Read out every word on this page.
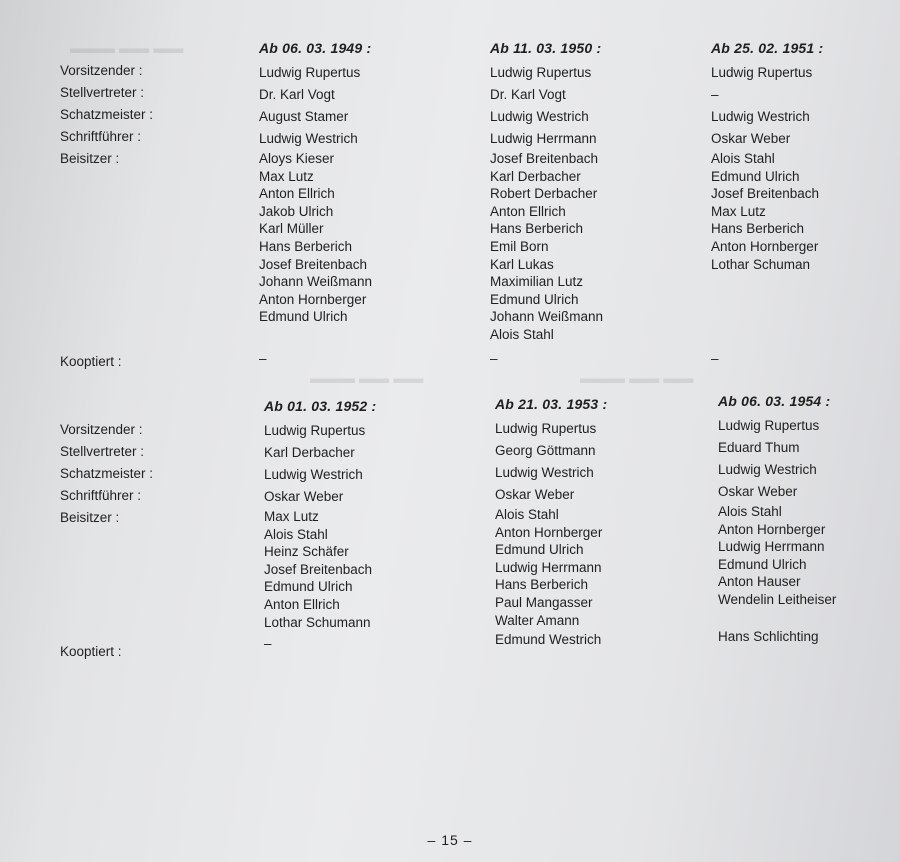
▬▬ ▬▬ ▬▬▬
▬▬ ▬▬ ▬▬▬	▬▬ ▬▬ ▬▬▬
Vorsitzender :
Stellvertreter :
Schatzmeister :
Schriftführer :
Beisitzer :
Kooptiert :
Vorsitzender :
Stellvertreter :
Schatzmeister :
Schriftführer :
Beisitzer :
Kooptiert :
Ab 06. 03. 1949 :
Ludwig Rupertus
Dr. Karl Vogt
August Stamer
Ludwig Westrich
Aloys Kieser
Max Lutz
Anton Ellrich
Jakob Ulrich
Karl Müller
Hans Berberich
Josef Breitenbach
Johann Weißmann
Anton Hornberger
Edmund Ulrich
–
Ab 11. 03. 1950 :
Ludwig Rupertus
Dr. Karl Vogt
Ludwig Westrich
Ludwig Herrmann
Josef Breitenbach
Karl Derbacher
Robert Derbacher
Anton Ellrich
Hans Berberich
Emil Born
Karl Lukas
Maximilian Lutz
Edmund Ulrich
Johann Weißmann
Alois Stahl
–
Ab 25. 02. 1951 :
Ludwig Rupertus
–
Ludwig Westrich
Oskar Weber
Alois Stahl
Edmund Ulrich
Josef Breitenbach
Max Lutz
Hans Berberich
Anton Hornberger
Lothar Schuman
–
Ab 01. 03. 1952 :
Ludwig Rupertus
Karl Derbacher
Ludwig Westrich
Oskar Weber
Max Lutz
Alois Stahl
Heinz Schäfer
Josef Breitenbach
Edmund Ulrich
Anton Ellrich
Lothar Schumann
–
Ab 21. 03. 1953 :
Ludwig Rupertus
Georg Göttmann
Ludwig Westrich
Oskar Weber
Alois Stahl
Anton Hornberger
Edmund Ulrich
Ludwig Herrmann
Hans Berberich
Paul Mangasser
Walter Amann
Edmund Westrich
Ab 06. 03. 1954 :
Ludwig Rupertus
Eduard Thum
Ludwig Westrich
Oskar Weber
Alois Stahl
Anton Hornberger
Ludwig Herrmann
Edmund Ulrich
Anton Hauser
Wendelin Leitheiser
Hans Schlichting
– 15 –
